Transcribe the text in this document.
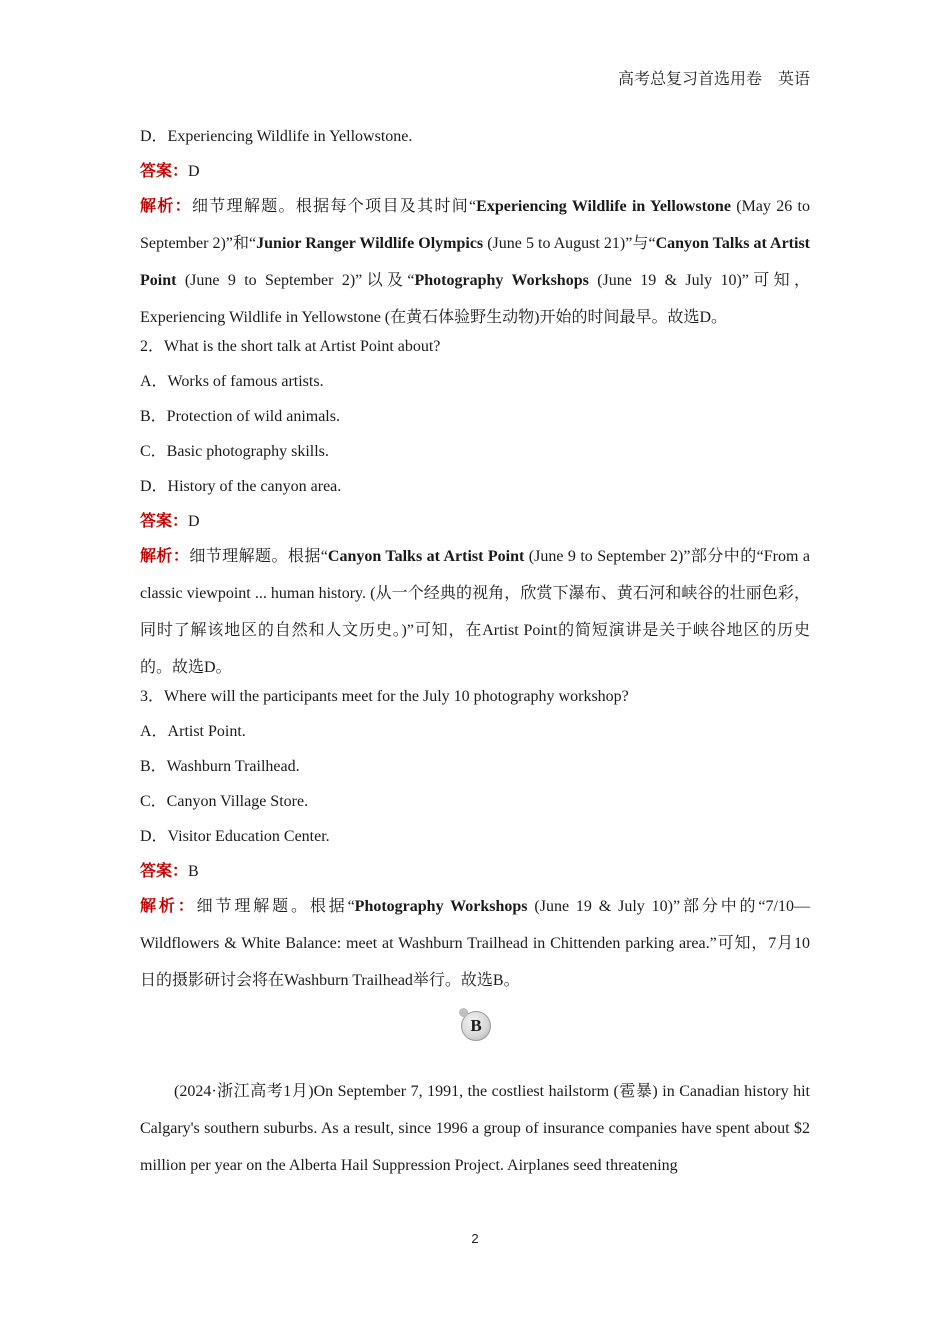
高考总复习首选用卷　英语
D．Experiencing Wildlife in Yellowstone.
答案：D
解析：细节理解题。根据每个项目及其时间“Experiencing Wildlife in Yellowstone (May 26 to September 2)”和“Junior Ranger Wildlife Olympics (June 5 to August 21)”与“Canyon Talks at Artist Point (June 9 to September 2)”以及“Photography Workshops (June 19 & July 10)”可知，Experiencing Wildlife in Yellowstone (在黄石体验野生动物)开始的时间最早。故选D。
2．What is the short talk at Artist Point about?
A．Works of famous artists.
B．Protection of wild animals.
C．Basic photography skills.
D．History of the canyon area.
答案：D
解析：细节理解题。根据“Canyon Talks at Artist Point (June 9 to September 2)”部分中的“From a classic viewpoint ... human history. (从一个经典的视角，欣赏下瀑布、黄石河和峡谷的壮丽色彩，同时了解该地区的自然和人文历史。)”可知，在Artist Point的简短演讲是关于峡谷地区的历史的。故选D。
3．Where will the participants meet for the July 10 photography workshop?
A．Artist Point.
B．Washburn Trailhead.
C．Canyon Village Store.
D．Visitor Education Center.
答案：B
解析：细节理解题。根据“Photography Workshops (June 19 & July 10)”部分中的“7/10—Wildflowers & White Balance: meet at Washburn Trailhead in Chittenden parking area.”可知，7月10日的摄影研讨会将在Washburn Trailhead举行。故选B。
B
(2024·浙江高考1月)On September 7, 1991, the costliest hailstorm (雹暴) in Canadian history hit Calgary's southern suburbs. As a result, since 1996 a group of insurance companies have spent about $2 million per year on the Alberta Hail Suppression Project. Airplanes seed threatening
2
